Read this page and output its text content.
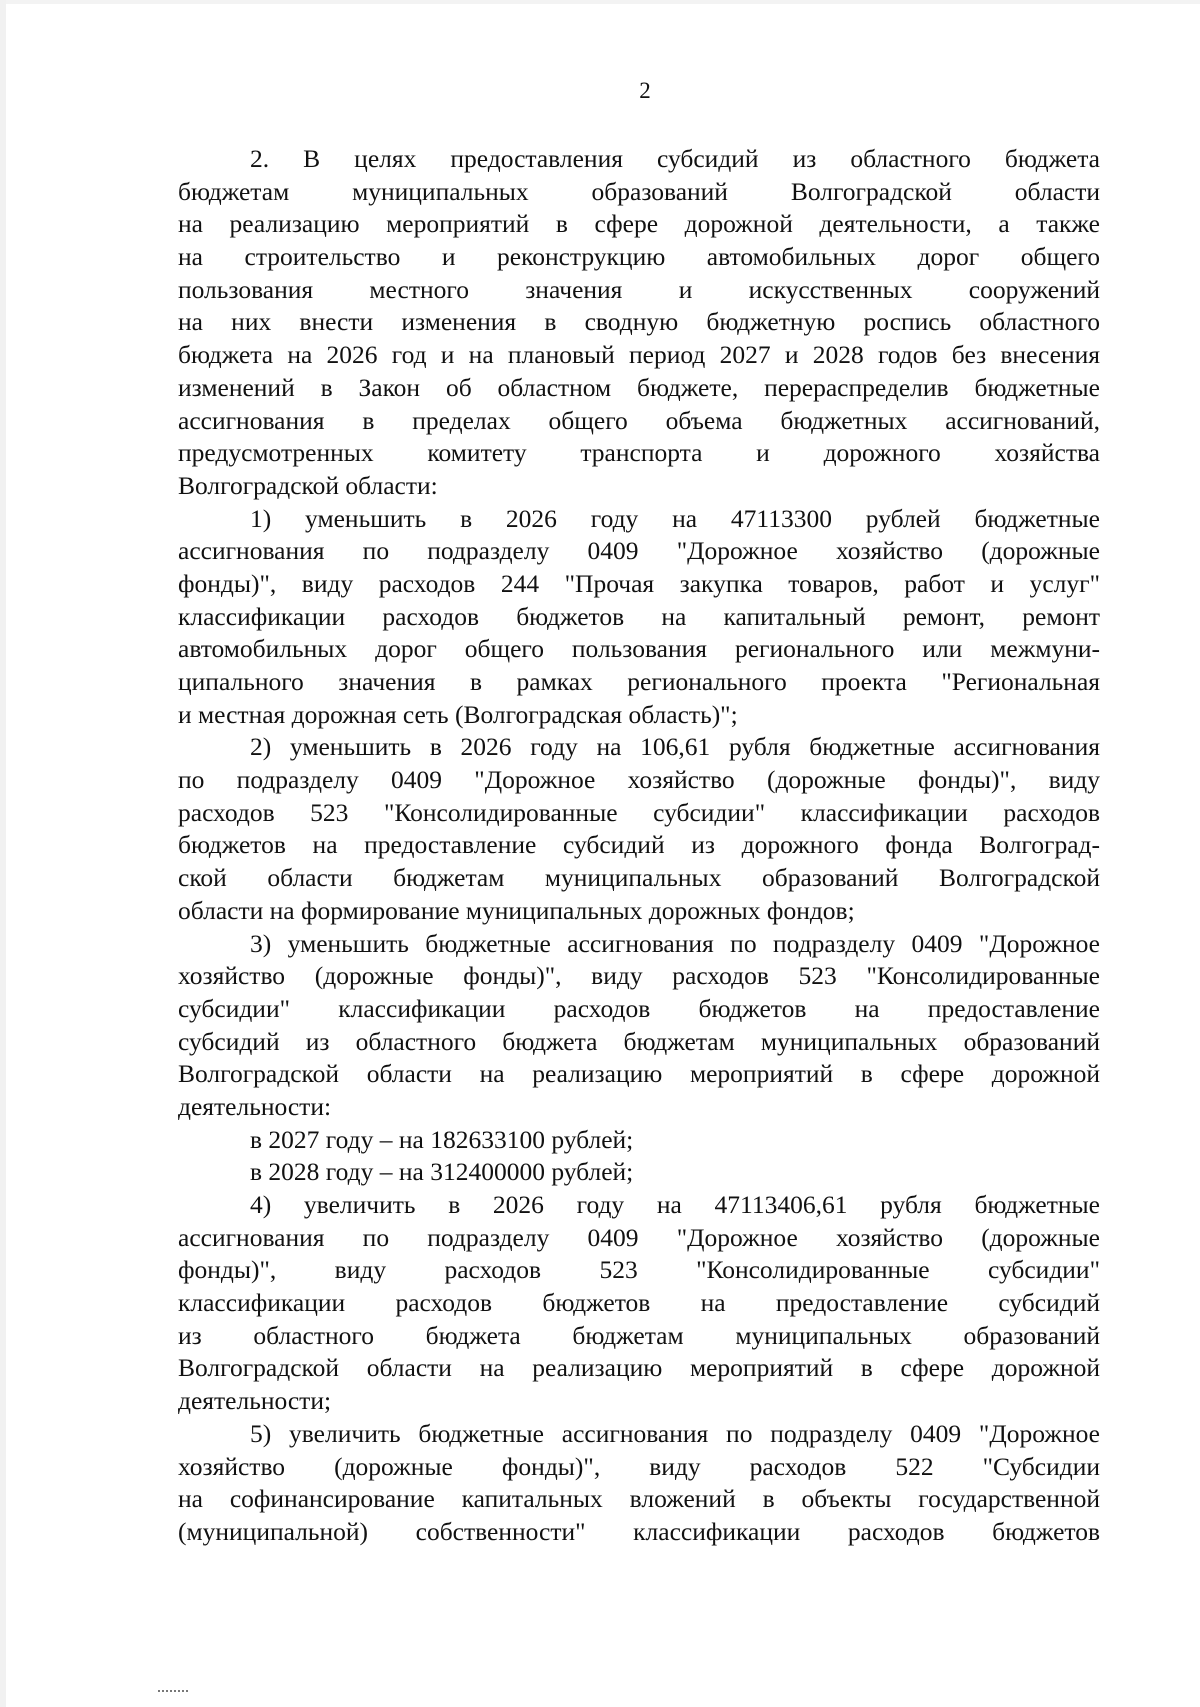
2
2. В целях предоставления субсидий из областного бюджета
бюджетам муниципальных образований Волгоградской области
на реализацию мероприятий в сфере дорожной деятельности, а также
на строительство и реконструкцию автомобильных дорог общего
пользования местного значения и искусственных сооружений
на них внести изменения в сводную бюджетную роспись областного
бюджета на 2026 год и на плановый период 2027 и 2028 годов без внесения
изменений в Закон об областном бюджете, перераспределив бюджетные
ассигнования в пределах общего объема бюджетных ассигнований,
предусмотренных комитету транспорта и дорожного хозяйства
Волгоградской области:
1) уменьшить в 2026 году на 47113300 рублей бюджетные
ассигнования по подразделу 0409 "Дорожное хозяйство (дорожные
фонды)", виду расходов 244 "Прочая закупка товаров, работ и услуг"
классификации расходов бюджетов на капитальный ремонт, ремонт
автомобильных дорог общего пользования регионального или межмуни-
ципального значения в рамках регионального проекта "Региональная
и местная дорожная сеть (Волгоградская область)";
2) уменьшить в 2026 году на 106,61 рубля бюджетные ассигнования
по подразделу 0409 "Дорожное хозяйство (дорожные фонды)", виду
расходов 523 "Консолидированные субсидии" классификации расходов
бюджетов на предоставление субсидий из дорожного фонда Волгоград-
ской области бюджетам муниципальных образований Волгоградской
области на формирование муниципальных дорожных фондов;
3) уменьшить бюджетные ассигнования по подразделу 0409 "Дорожное
хозяйство (дорожные фонды)", виду расходов 523 "Консолидированные
субсидии" классификации расходов бюджетов на предоставление
субсидий из областного бюджета бюджетам муниципальных образований
Волгоградской области на реализацию мероприятий в сфере дорожной
деятельности:
в 2027 году – на 182633100 рублей;
в 2028 году – на 312400000 рублей;
4) увеличить в 2026 году на 47113406,61 рубля бюджетные
ассигнования по подразделу 0409 "Дорожное хозяйство (дорожные
фонды)", виду расходов 523 "Консолидированные субсидии"
классификации расходов бюджетов на предоставление субсидий
из областного бюджета бюджетам муниципальных образований
Волгоградской области на реализацию мероприятий в сфере дорожной
деятельности;
5) увеличить бюджетные ассигнования по подразделу 0409 "Дорожное
хозяйство (дорожные фонды)", виду расходов 522 "Субсидии
на софинансирование капитальных вложений в объекты государственной
(муниципальной) собственности" классификации расходов бюджетов
